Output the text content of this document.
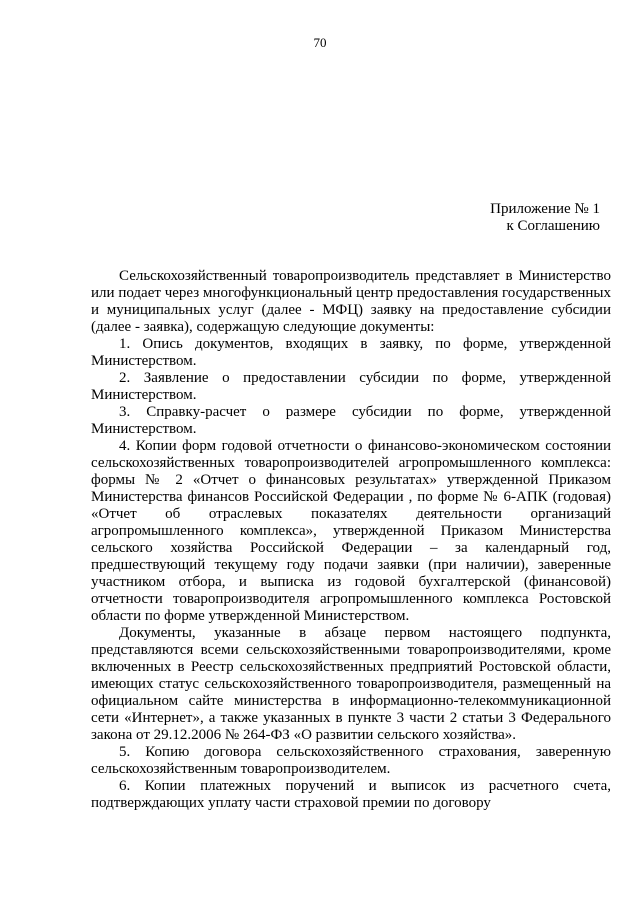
70
Приложение № 1
к Соглашению

Сельскохозяйственный товаропроизводитель представляет в Министерство или подает через многофункциональный центр предоставления государственных и муниципальных услуг (далее - МФЦ) заявку на предоставление субсидии (далее - заявка), содержащую следующие документы:

1. Опись документов, входящих в заявку, по форме, утвержденной Министерством.

2. Заявление о предоставлении субсидии по форме, утвержденной Министерством.

3. Справку-расчет о размере субсидии по форме, утвержденной Министерством.

4. Копии форм годовой отчетности о финансово-экономическом состоянии сельскохозяйственных товаропроизводителей агропромышленного комплекса: формы № 2 «Отчет о финансовых результатах» утвержденной Приказом Министерства финансов Российской Федерации , по форме № 6-АПК (годовая) «Отчет об отраслевых показателях деятельности организаций агропромышленного комплекса», утвержденной Приказом Министерства сельского хозяйства Российской Федерации – за календарный год, предшествующий текущему году подачи заявки (при наличии), заверенные участником отбора, и выписка из годовой бухгалтерской (финансовой) отчетности товаропроизводителя агропромышленного комплекса Ростовской области по форме утвержденной Министерством.

Документы, указанные в абзаце первом настоящего подпункта, представляются всеми сельскохозяйственными товаропроизводителями, кроме включенных в Реестр сельскохозяйственных предприятий Ростовской области, имеющих статус сельскохозяйственного товаропроизводителя, размещенный на официальном сайте министерства в информационно-телекоммуникационной сети «Интернет», а также указанных в пункте 3 части 2 статьи 3 Федерального закона от 29.12.2006 № 264-ФЗ «О развитии сельского хозяйства».

5. Копию договора сельскохозяйственного страхования, заверенную сельскохозяйственным товаропроизводителем.

6. Копии платежных поручений и выписок из расчетного счета, подтверждающих уплату части страховой премии по договору
